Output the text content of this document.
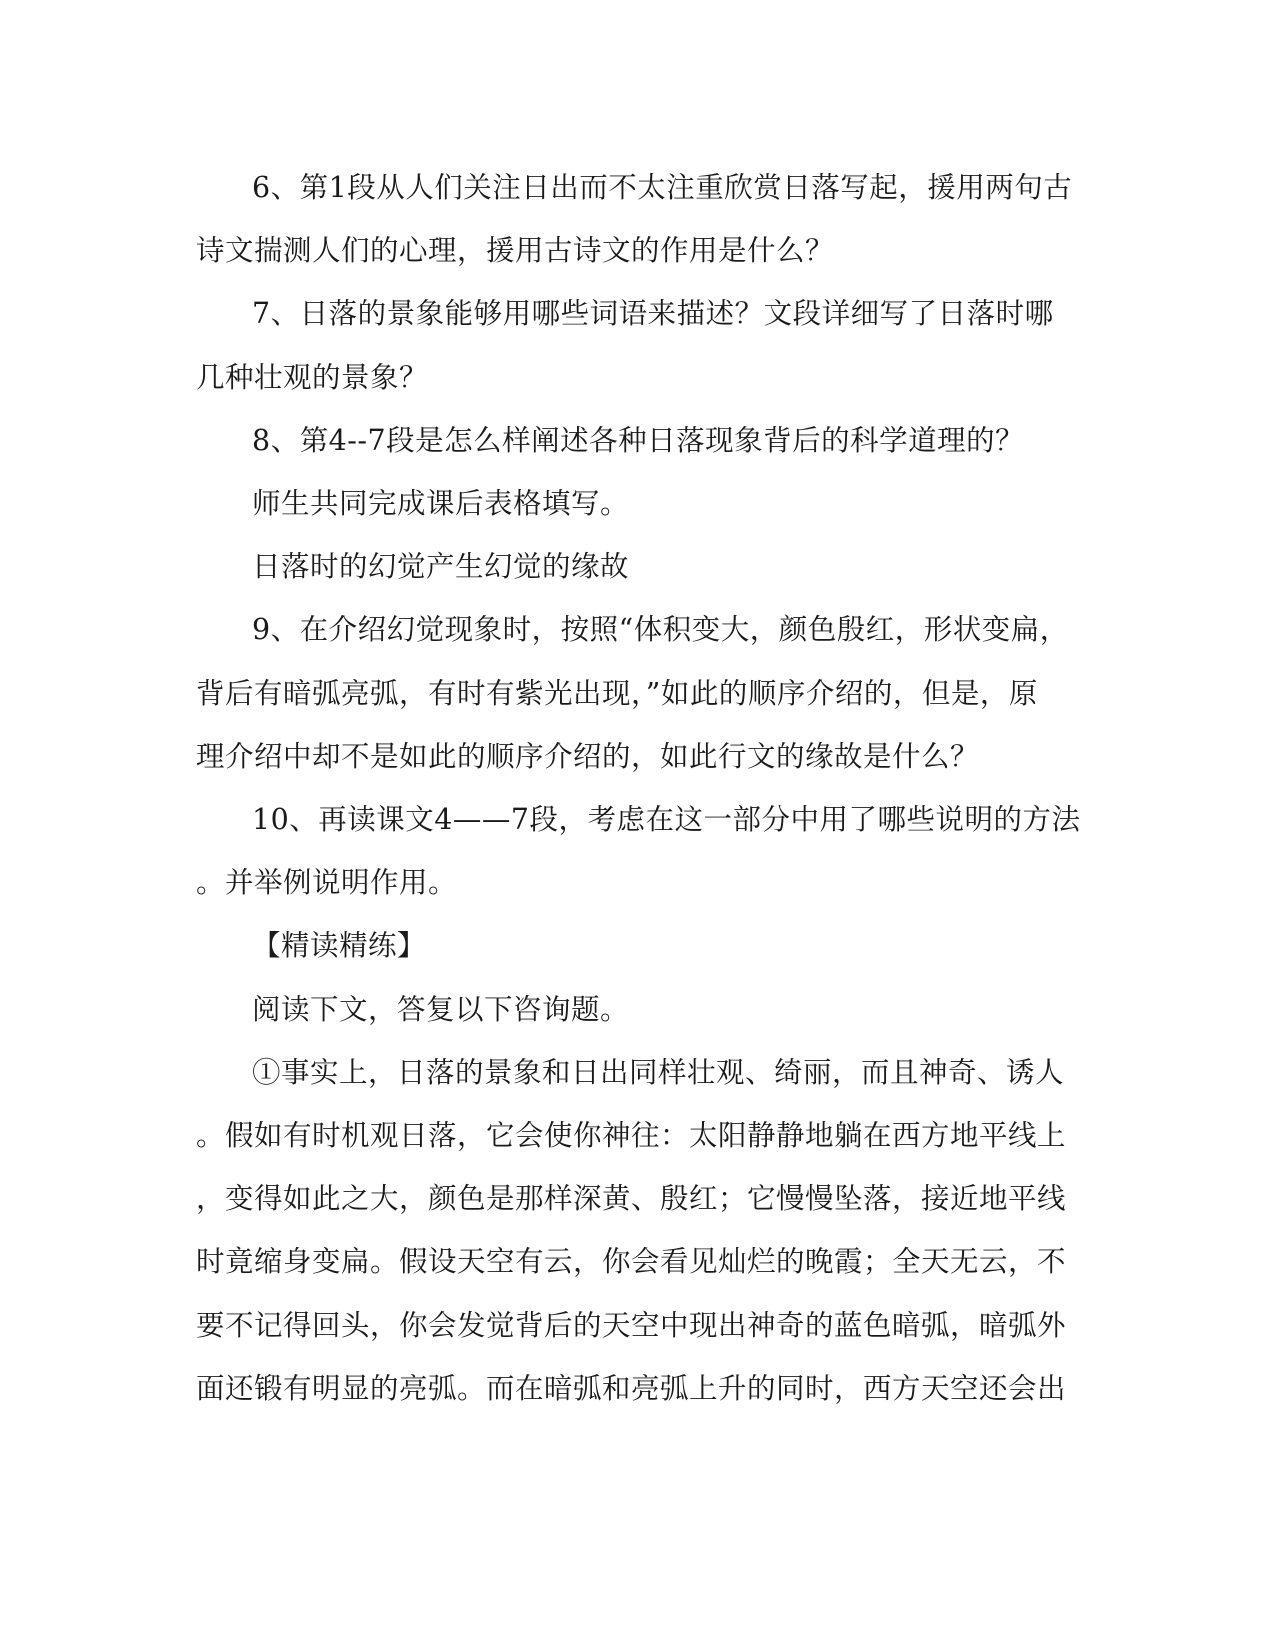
6、第1段从人们关注日出而不太注重欣赏日落写起，援用两句古
诗文揣测人们的心理，援用古诗文的作用是什么？
7、日落的景象能够用哪些词语来描述？文段详细写了日落时哪
几种壮观的景象？
8、第4--7段是怎么样阐述各种日落现象背后的科学道理的？
师生共同完成课后表格填写。
日落时的幻觉产生幻觉的缘故
9、在介绍幻觉现象时，按照“体积变大，颜色殷红，形状变扁，
背后有暗弧亮弧，有时有紫光出现，”如此的顺序介绍的，但是，原
理介绍中却不是如此的顺序介绍的，如此行文的缘故是什么？
10、再读课文4——7段，考虑在这一部分中用了哪些说明的方法
。并举例说明作用。
【精读精练】
阅读下文，答复以下咨询题。
①事实上，日落的景象和日出同样壮观、绮丽，而且神奇、诱人
。假如有时机观日落，它会使你神往：太阳静静地躺在西方地平线上
，变得如此之大，颜色是那样深黄、殷红；它慢慢坠落，接近地平线
时竟缩身变扁。假设天空有云，你会看见灿烂的晚霞；全天无云，不
要不记得回头，你会发觉背后的天空中现出神奇的蓝色暗弧，暗弧外
面还锻有明显的亮弧。而在暗弧和亮弧上升的同时，西方天空还会出
